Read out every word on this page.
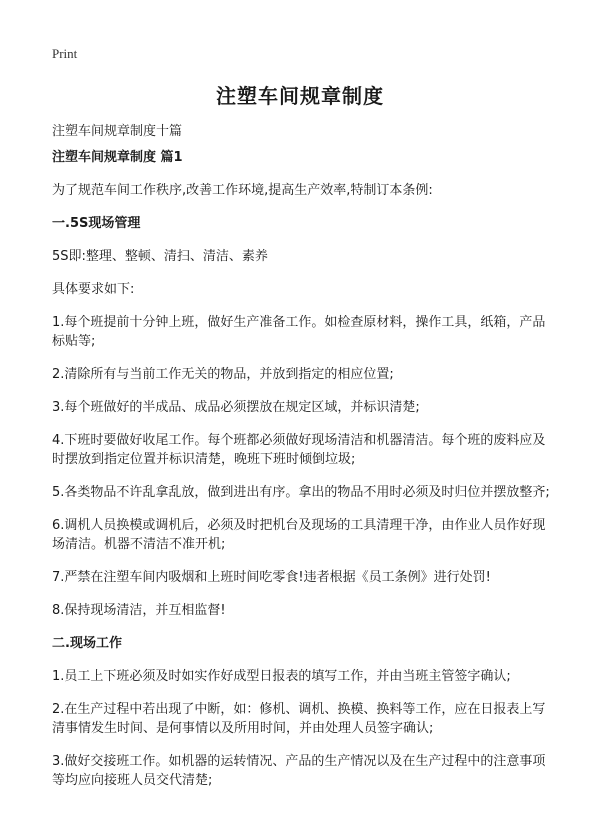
Print
注塑车间规章制度
注塑车间规章制度十篇
注塑车间规章制度 篇1

为了规范车间工作秩序,改善工作环境,提高生产效率,特制订本条例:

一.5S现场管理

5S即:整理、整顿、清扫、清洁、素养

具体要求如下:

1.每个班提前十分钟上班，做好生产准备工作。如检查原材料，操作工具，纸箱，产品标贴等;

2.清除所有与当前工作无关的物品，并放到指定的相应位置;

3.每个班做好的半成品、成品必须摆放在规定区域，并标识清楚;

4.下班时要做好收尾工作。每个班都必须做好现场清洁和机器清洁。每个班的废料应及时摆放到指定位置并标识清楚，晚班下班时倾倒垃圾;

5.各类物品不许乱拿乱放，做到进出有序。拿出的物品不用时必须及时归位并摆放整齐;

6.调机人员换模或调机后，必须及时把机台及现场的工具清理干净，由作业人员作好现场清洁。机器不清洁不准开机;

7.严禁在注塑车间内吸烟和上班时间吃零食!违者根据《员工条例》进行处罚!

8.保持现场清洁，并互相监督!

二.现场工作

1.员工上下班必须及时如实作好成型日报表的填写工作，并由当班主管签字确认;

2.在生产过程中若出现了中断，如：修机、调机、换模、换料等工作，应在日报表上写清事情发生时间、是何事情以及所用时间，并由处理人员签字确认;

3.做好交接班工作。如机器的运转情况、产品的生产情况以及在生产过程中的注意事项等均应向接班人员交代清楚;
